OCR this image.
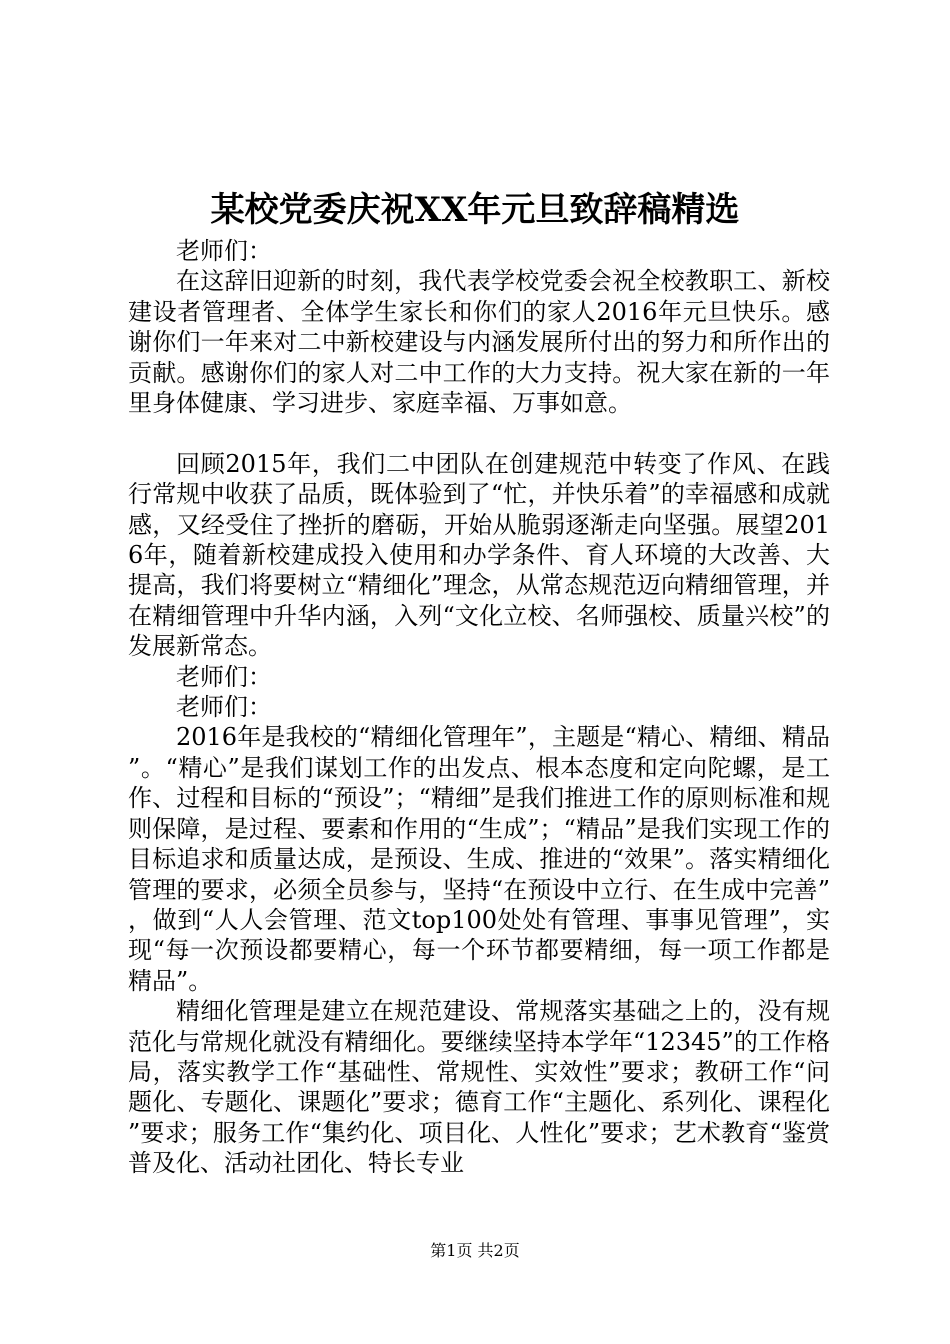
某校党委庆祝XX年元旦致辞稿精选

老师们：

在这辞旧迎新的时刻，我代表学校党委会祝全校教职工、新校建设者管理者、全体学生家长和你们的家人2016年元旦快乐。感谢你们一年来对二中新校建设与内涵发展所付出的努力和所作出的贡献。感谢你们的家人对二中工作的大力支持。祝大家在新的一年里身体健康、学习进步、家庭幸福、万事如意。

回顾2015年，我们二中团队在创建规范中转变了作风、在践行常规中收获了品质，既体验到了“忙，并快乐着”的幸福感和成就感，又经受住了挫折的磨砺，开始从脆弱逐渐走向坚强。展望2016年，随着新校建成投入使用和办学条件、育人环境的大改善、大提高，我们将要树立“精细化”理念，从常态规范迈向精细管理，并在精细管理中升华内涵，入列“文化立校、名师强校、质量兴校”的发展新常态。

老师们：

老师们：

2016年是我校的“精细化管理年”，主题是“精心、精细、精品”。“精心”是我们谋划工作的出发点、根本态度和定向陀螺，是工作、过程和目标的“预设”；“精细”是我们推进工作的原则标准和规则保障，是过程、要素和作用的“生成”；“精品”是我们实现工作的目标追求和质量达成，是预设、生成、推进的“效果”。落实精细化管理的要求，必须全员参与，坚持“在预设中立行、在生成中完善”，做到“人人会管理、范文top100处处有管理、事事见管理”，实现“每一次预设都要精心，每一个环节都要精细，每一项工作都是精品”。

精细化管理是建立在规范建设、常规落实基础之上的，没有规范化与常规化就没有精细化。要继续坚持本学年“12345”的工作格局，落实教学工作“基础性、常规性、实效性”要求；教研工作“问题化、专题化、课题化”要求；德育工作“主题化、系列化、课程化”要求；服务工作“集约化、项目化、人性化”要求；艺术教育“鉴赏普及化、活动社团化、特长专业

第1页 共2页
